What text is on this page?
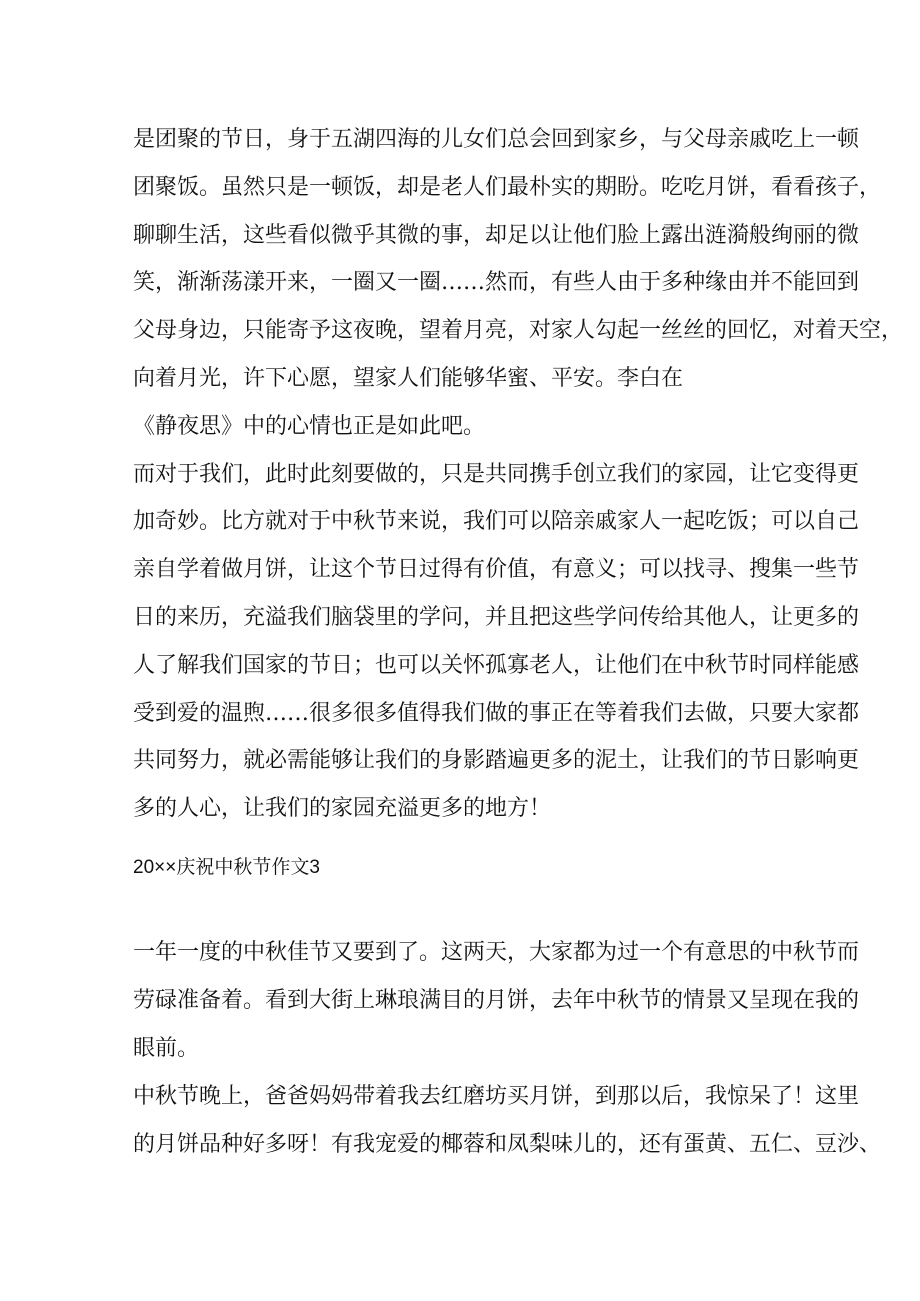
是团聚的节日，身于五湖四海的儿女们总会回到家乡，与父母亲戚吃上一顿

团聚饭。虽然只是一顿饭，却是老人们最朴实的期盼。吃吃月饼，看看孩子，

聊聊生活，这些看似微乎其微的事，却足以让他们脸上露出涟漪般绚丽的微

笑，渐渐荡漾开来，一圈又一圈……然而，有些人由于多种缘由并不能回到

父母身边，只能寄予这夜晚，望着月亮，对家人勾起一丝丝的回忆，对着天空，

向着月光，许下心愿，望家人们能够华蜜、平安。李白在

《静夜思》中的心情也正是如此吧。

而对于我们，此时此刻要做的，只是共同携手创立我们的家园，让它变得更

加奇妙。比方就对于中秋节来说，我们可以陪亲戚家人一起吃饭；可以自己

亲自学着做月饼，让这个节日过得有价值，有意义；可以找寻、搜集一些节

日的来历，充溢我们脑袋里的学问，并且把这些学问传给其他人，让更多的

人了解我们国家的节日；也可以关怀孤寡老人，让他们在中秋节时同样能感

受到爱的温煦……很多很多值得我们做的事正在等着我们去做，只要大家都

共同努力，就必需能够让我们的身影踏遍更多的泥土，让我们的节日影响更

多的人心，让我们的家园充溢更多的地方！

20××庆祝中秋节作文3

一年一度的中秋佳节又要到了。这两天，大家都为过一个有意思的中秋节而

劳碌准备着。看到大街上琳琅满目的月饼，去年中秋节的情景又呈现在我的

眼前。

中秋节晚上，爸爸妈妈带着我去红磨坊买月饼，到那以后，我惊呆了！这里

的月饼品种好多呀！有我宠爱的椰蓉和凤梨味儿的，还有蛋黄、五仁、豆沙、
